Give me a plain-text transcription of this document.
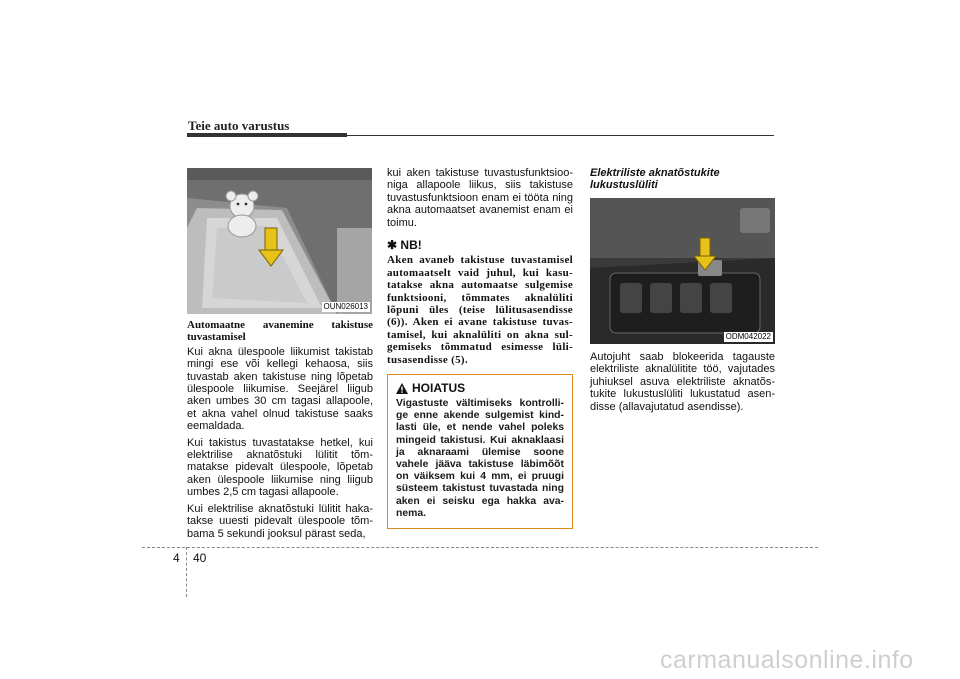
Teie auto varustus
OUN026013
Automaatne avanemine takistuse tuvastamisel

Kui akna ülespoole liikumist takistab mingi ese või kellegi kehaosa, siis tuvastab aken takistuse ning lõpetab ülespoole liikumise. Seejärel liigub aken umbes 30 cm tagasi allapoole, et akna vahel olnud takistuse saaks eemaldada.

Kui takistus tuvastatakse hetkel, kui elektrilise aknatõstuki lülitit tõm-matakse pidevalt ülespoole, lõpetab aken ülespoole liikumise ning liigub umbes 2,5 cm tagasi allapoole.

Kui elektrilise aknatõstuki lülitit haka-takse uuesti pidevalt ülespoole tõm-bama 5 sekundi jooksul pärast seda,

kui aken takistuse tuvastusfunktsioo-niga allapoole liikus, siis takistuse tuvastusfunktsioon enam ei tööta ning akna automaatset avanemist enam ei toimu.

✱ NB!
Aken avaneb takistuse tuvastamisel automaatselt vaid juhul, kui kasu-tatakse akna automaatse sulgemise funktsiooni, tõmmates aknalüliti lõpuni üles (teise lülitusasendisse (6)). Aken ei avane takistuse tuvas-tamisel, kui aknalüliti on akna sul-gemiseks tõmmatud esimesse lüli-tusasendisse (5).
HOIATUS
Vigastuste vältimiseks kontrolli-ge enne akende sulgemist kind-lasti üle, et nende vahel poleks mingeid takistusi. Kui aknaklaasi ja aknaraami ülemise soone vahele jääva takistuse läbimõõt on väiksem kui 4 mm, ei pruugi süsteem takistust tuvastada ning aken ei seisku ega hakka ava-nema.
Elektriliste aknatõstukite lukustuslüliti
ODM042022
Autojuht saab blokeerida tagauste elektriliste aknalülitite töö, vajutades juhiuksel asuva elektriliste aknatõs-tukite lukustuslüliti lukustatud asen-disse (allavajutatud asendisse).
4 40
carmanualsonline.info
